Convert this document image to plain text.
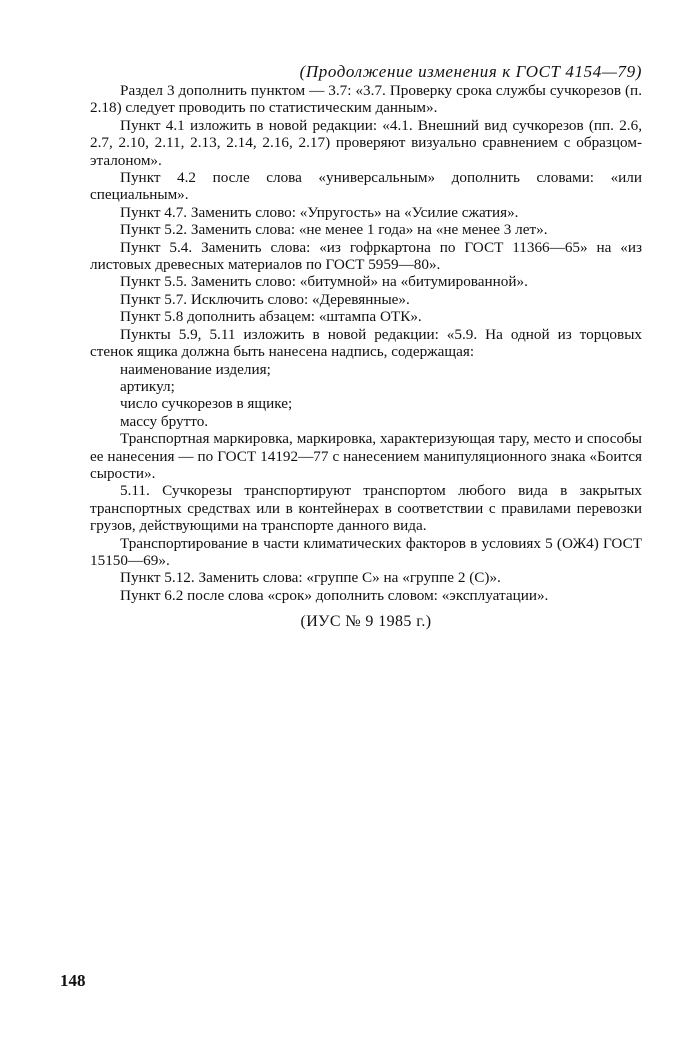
(Продолжение изменения к ГОСТ 4154—79)

Раздел 3 дополнить пунктом — 3.7: «3.7. Проверку срока службы сучкорезов (п. 2.18) следует проводить по статистическим данным».

Пункт 4.1 изложить в новой редакции: «4.1. Внешний вид сучкорезов (пп. 2.6, 2.7, 2.10, 2.11, 2.13, 2.14, 2.16, 2.17) проверяют визуально сравнением с образцом-эталоном».

Пункт 4.2 после слова «универсальным» дополнить словами: «или специальным».

Пункт 4.7. Заменить слово: «Упругость» на «Усилие сжатия».

Пункт 5.2. Заменить слова: «не менее 1 года» на «не менее 3 лет».

Пункт 5.4. Заменить слова: «из гофркартона по ГОСТ 11366—65» на «из листовых древесных материалов по ГОСТ 5959—80».

Пункт 5.5. Заменить слово: «битумной» на «битумированной».

Пункт 5.7. Исключить слово: «Деревянные».

Пункт 5.8 дополнить абзацем: «штампа ОТК».

Пункты 5.9, 5.11 изложить в новой редакции: «5.9. На одной из торцовых стенок ящика должна быть нанесена надпись, содержащая:

наименование изделия;

артикул;

число сучкорезов в ящике;

массу брутто.

Транспортная маркировка, маркировка, характеризующая тару, место и способы ее нанесения — по ГОСТ 14192—77 с нанесением манипуляционного знака «Боится сырости».

5.11. Сучкорезы транспортируют транспортом любого вида в закрытых транспортных средствах или в контейнерах в соответствии с правилами перевозки грузов, действующими на транспорте данного вида.

Транспортирование в части климатических факторов в условиях 5 (ОЖ4) ГОСТ 15150—69».

Пункт 5.12. Заменить слова: «группе С» на «группе 2 (С)».

Пункт 6.2 после слова «срок» дополнить словом: «эксплуатации».

(ИУС № 9 1985 г.)

148
